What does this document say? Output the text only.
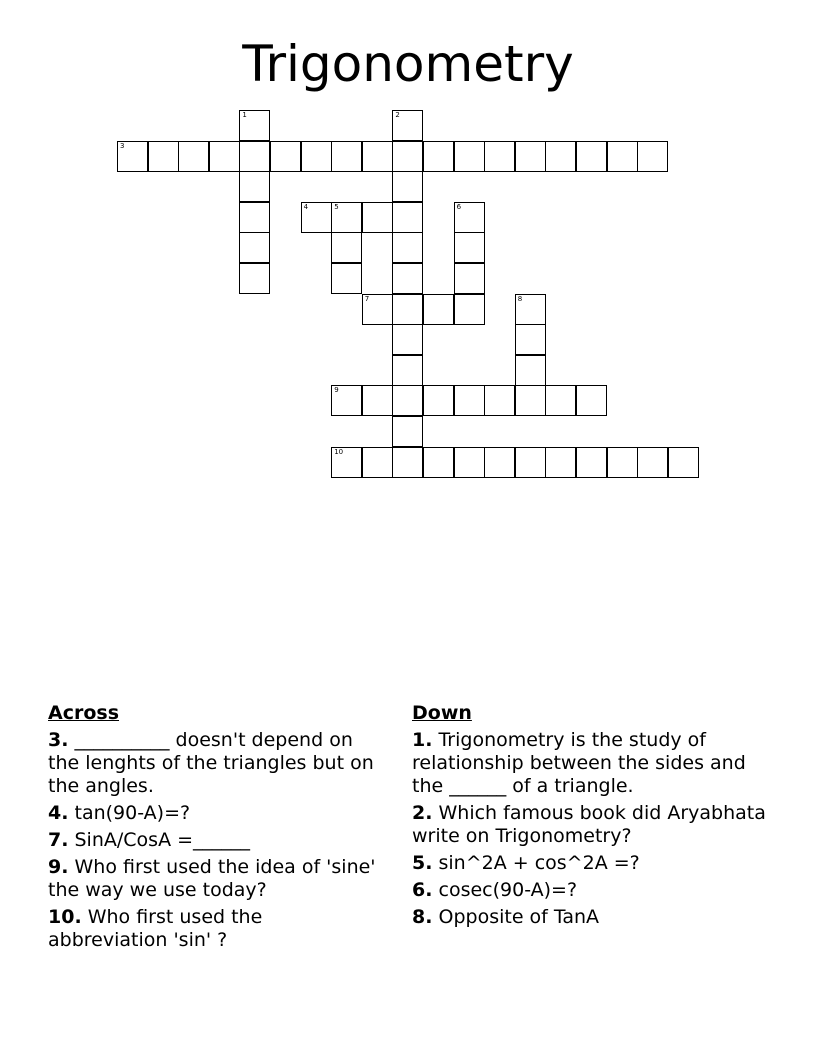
Trigonometry
1	2
3
4	5	6
7	8
9
10
Across
3. __________ doesn't depend on the lenghts of the triangles but on the angles.
4. tan(90-A)=?
7. SinA/CosA =______
9. Who first used the idea of 'sine' the way we use today?
10. Who first used the abbreviation 'sin' ?
Down
1. Trigonometry is the study of relationship between the sides and the ______ of a triangle.
2. Which famous book did Aryabhata write on Trigonometry?
5. sin^2A + cos^2A =?
6. cosec(90-A)=?
8. Opposite of TanA
